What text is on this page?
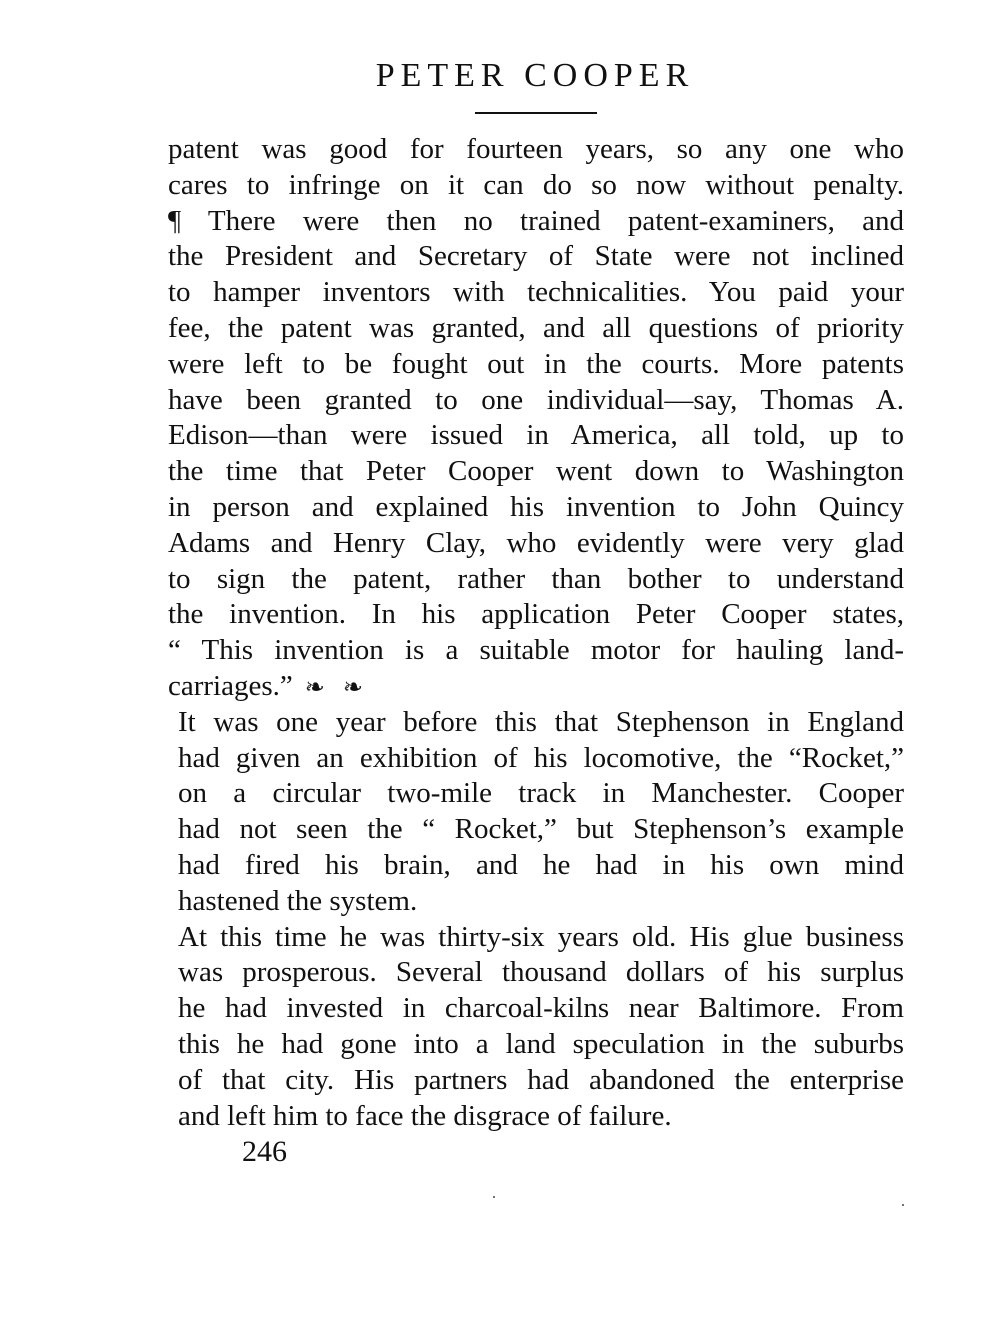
PETER COOPER
patent was good for fourteen years, so any one who
cares to infringe on it can do so now without penalty.
¶ There were then no trained patent-examiners, and
the President and Secretary of State were not inclined
to hamper inventors with technicalities. You paid your
fee, the patent was granted, and all questions of priority
were left to be fought out in the courts. More patents
have been granted to one individual—say, Thomas A.
Edison—than were issued in America, all told, up to
the time that Peter Cooper went down to Washington
in person and explained his invention to John Quincy
Adams and Henry Clay, who evidently were very glad
to sign the patent, rather than bother to understand
the invention. In his application Peter Cooper states,
“ This invention is a suitable motor for hauling land-
carriages.” ❧ ❧
It was one year before this that Stephenson in England
had given an exhibition of his locomotive, the “Rocket,”
on a circular two-mile track in Manchester. Cooper
had not seen the “ Rocket,” but Stephenson’s example
had fired his brain, and he had in his own mind
hastened the system.
At this time he was thirty-six years old. His glue business
was prosperous. Several thousand dollars of his surplus
he had invested in charcoal-kilns near Baltimore. From
this he had gone into a land speculation in the suburbs
of that city. His partners had abandoned the enterprise
and left him to face the disgrace of failure.
246
